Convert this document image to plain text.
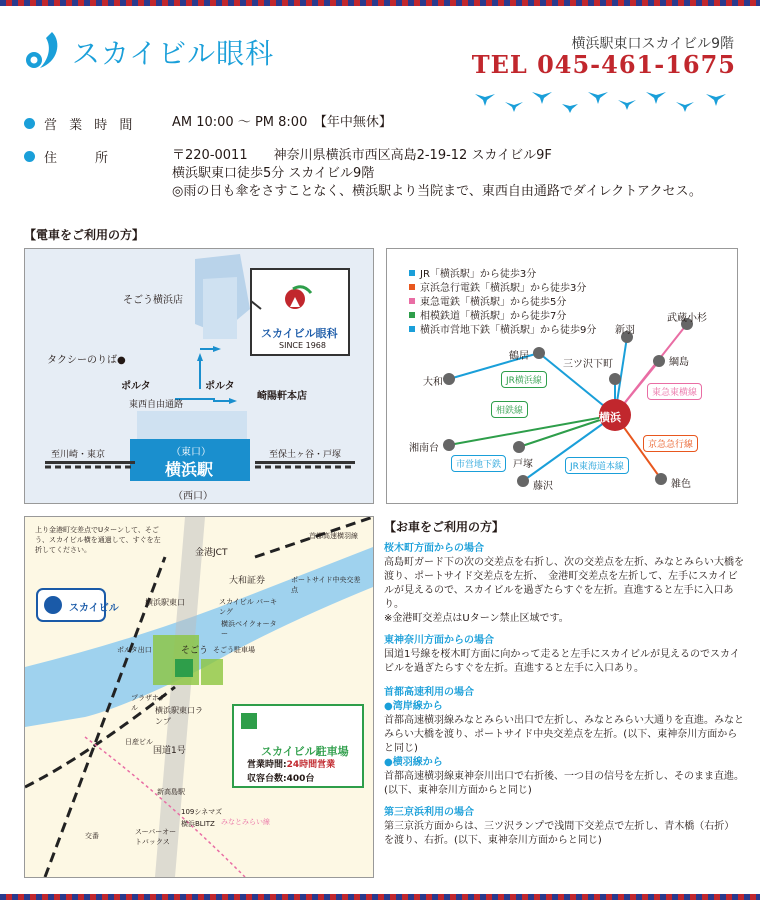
スカイビル眼科	横浜駅東口スカイビル9階
TEL 045-461-1675
営 業 時 間	AM 10:00 ～ PM 8:00　【年中無休】
住　　所	〒220-0011　　神奈川県横浜市西区高島2-19-12 スカイビル9F
横浜駅東口徒歩5分 スカイビル9階
◎雨の日も傘をさすことなく、横浜駅より当院まで、東西自由通路でダイレクトアクセス。
【電車をご利用の方】
そごう横浜店
スカイビル眼科
SINCE 1968
タクシーのりば●
ポルタ	ポルタ
崎陽軒本店
東西自由通路
（東口）
横浜駅
（西口）
至川崎・東京	至保土ヶ谷・戸塚
JR「横浜駅」から徒歩3分
京浜急行電鉄「横浜駅」から徒歩3分
東急電鉄「横浜駅」から徒歩5分
相模鉄道「横浜駅」から徒歩7分
横浜市営地下鉄「横浜駅」から徒歩9分
横浜
新羽
武蔵小杉
綱島
三ツ沢下町
鶴居
大和
湘南台
戸塚
藤沢	雑色
JR横浜線
相鉄線
市営地下鉄	JR東海道本線
東急東横線
京急急行線
上り金港町交差点でUターンして、そごう、スカイビル横を通過して、すぐを左折してください。
スカイビル
金港JCT
首都高速横羽線
大和証券	ポートサイド中央交差点
横浜駅東口	スカイビル パーキング
横浜ベイクォーター
そごう そごう駐車場
ポルタ出口
プラザホテル	横浜駅東口ランプ
国道1号
日産ビル
新高島駅
109シネマズ
横浜BLITZ
スーパーオートバックス
交番
みなとみらい線
スカイビル駐車場
営業時間:24時間営業
収容台数:400台
【お車をご利用の方】
桜木町方面からの場合
高島町ガード下の次の交差点を右折し、次の交差点を左折、みなとみらい大橋を渡り、ポートサイド交差点を左折、　金港町交差点を左折して、左手にスカイビルが見えるので、スカイビルを過ぎたらすぐを左折。直進すると左手に入口あり。
※金港町交差点はUターン禁止区域です。
東神奈川方面からの場合
国道1号線を桜木町方面に向かって走ると左手にスカイビルが見えるのでスカイビルを過ぎたらすぐを左折。直進すると左手に入口あり。
首都高速利用の場合
●湾岸線から
首都高速横羽線みなとみらい出口で左折し、みなとみらい大通りを直進。みなとみらい大橋を渡り、ポートサイド中央交差点を左折。(以下、東神奈川方面からと同じ)
●横羽線から
首都高速横羽線東神奈川出口で右折後、一つ目の信号を左折し、そのまま直進。(以下、東神奈川方面からと同じ)
第三京浜利用の場合
第三京浜方面からは、三ツ沢ランプで浅間下交差点で左折し、青木橋（右折）を渡り、右折。(以下、東神奈川方面からと同じ)
